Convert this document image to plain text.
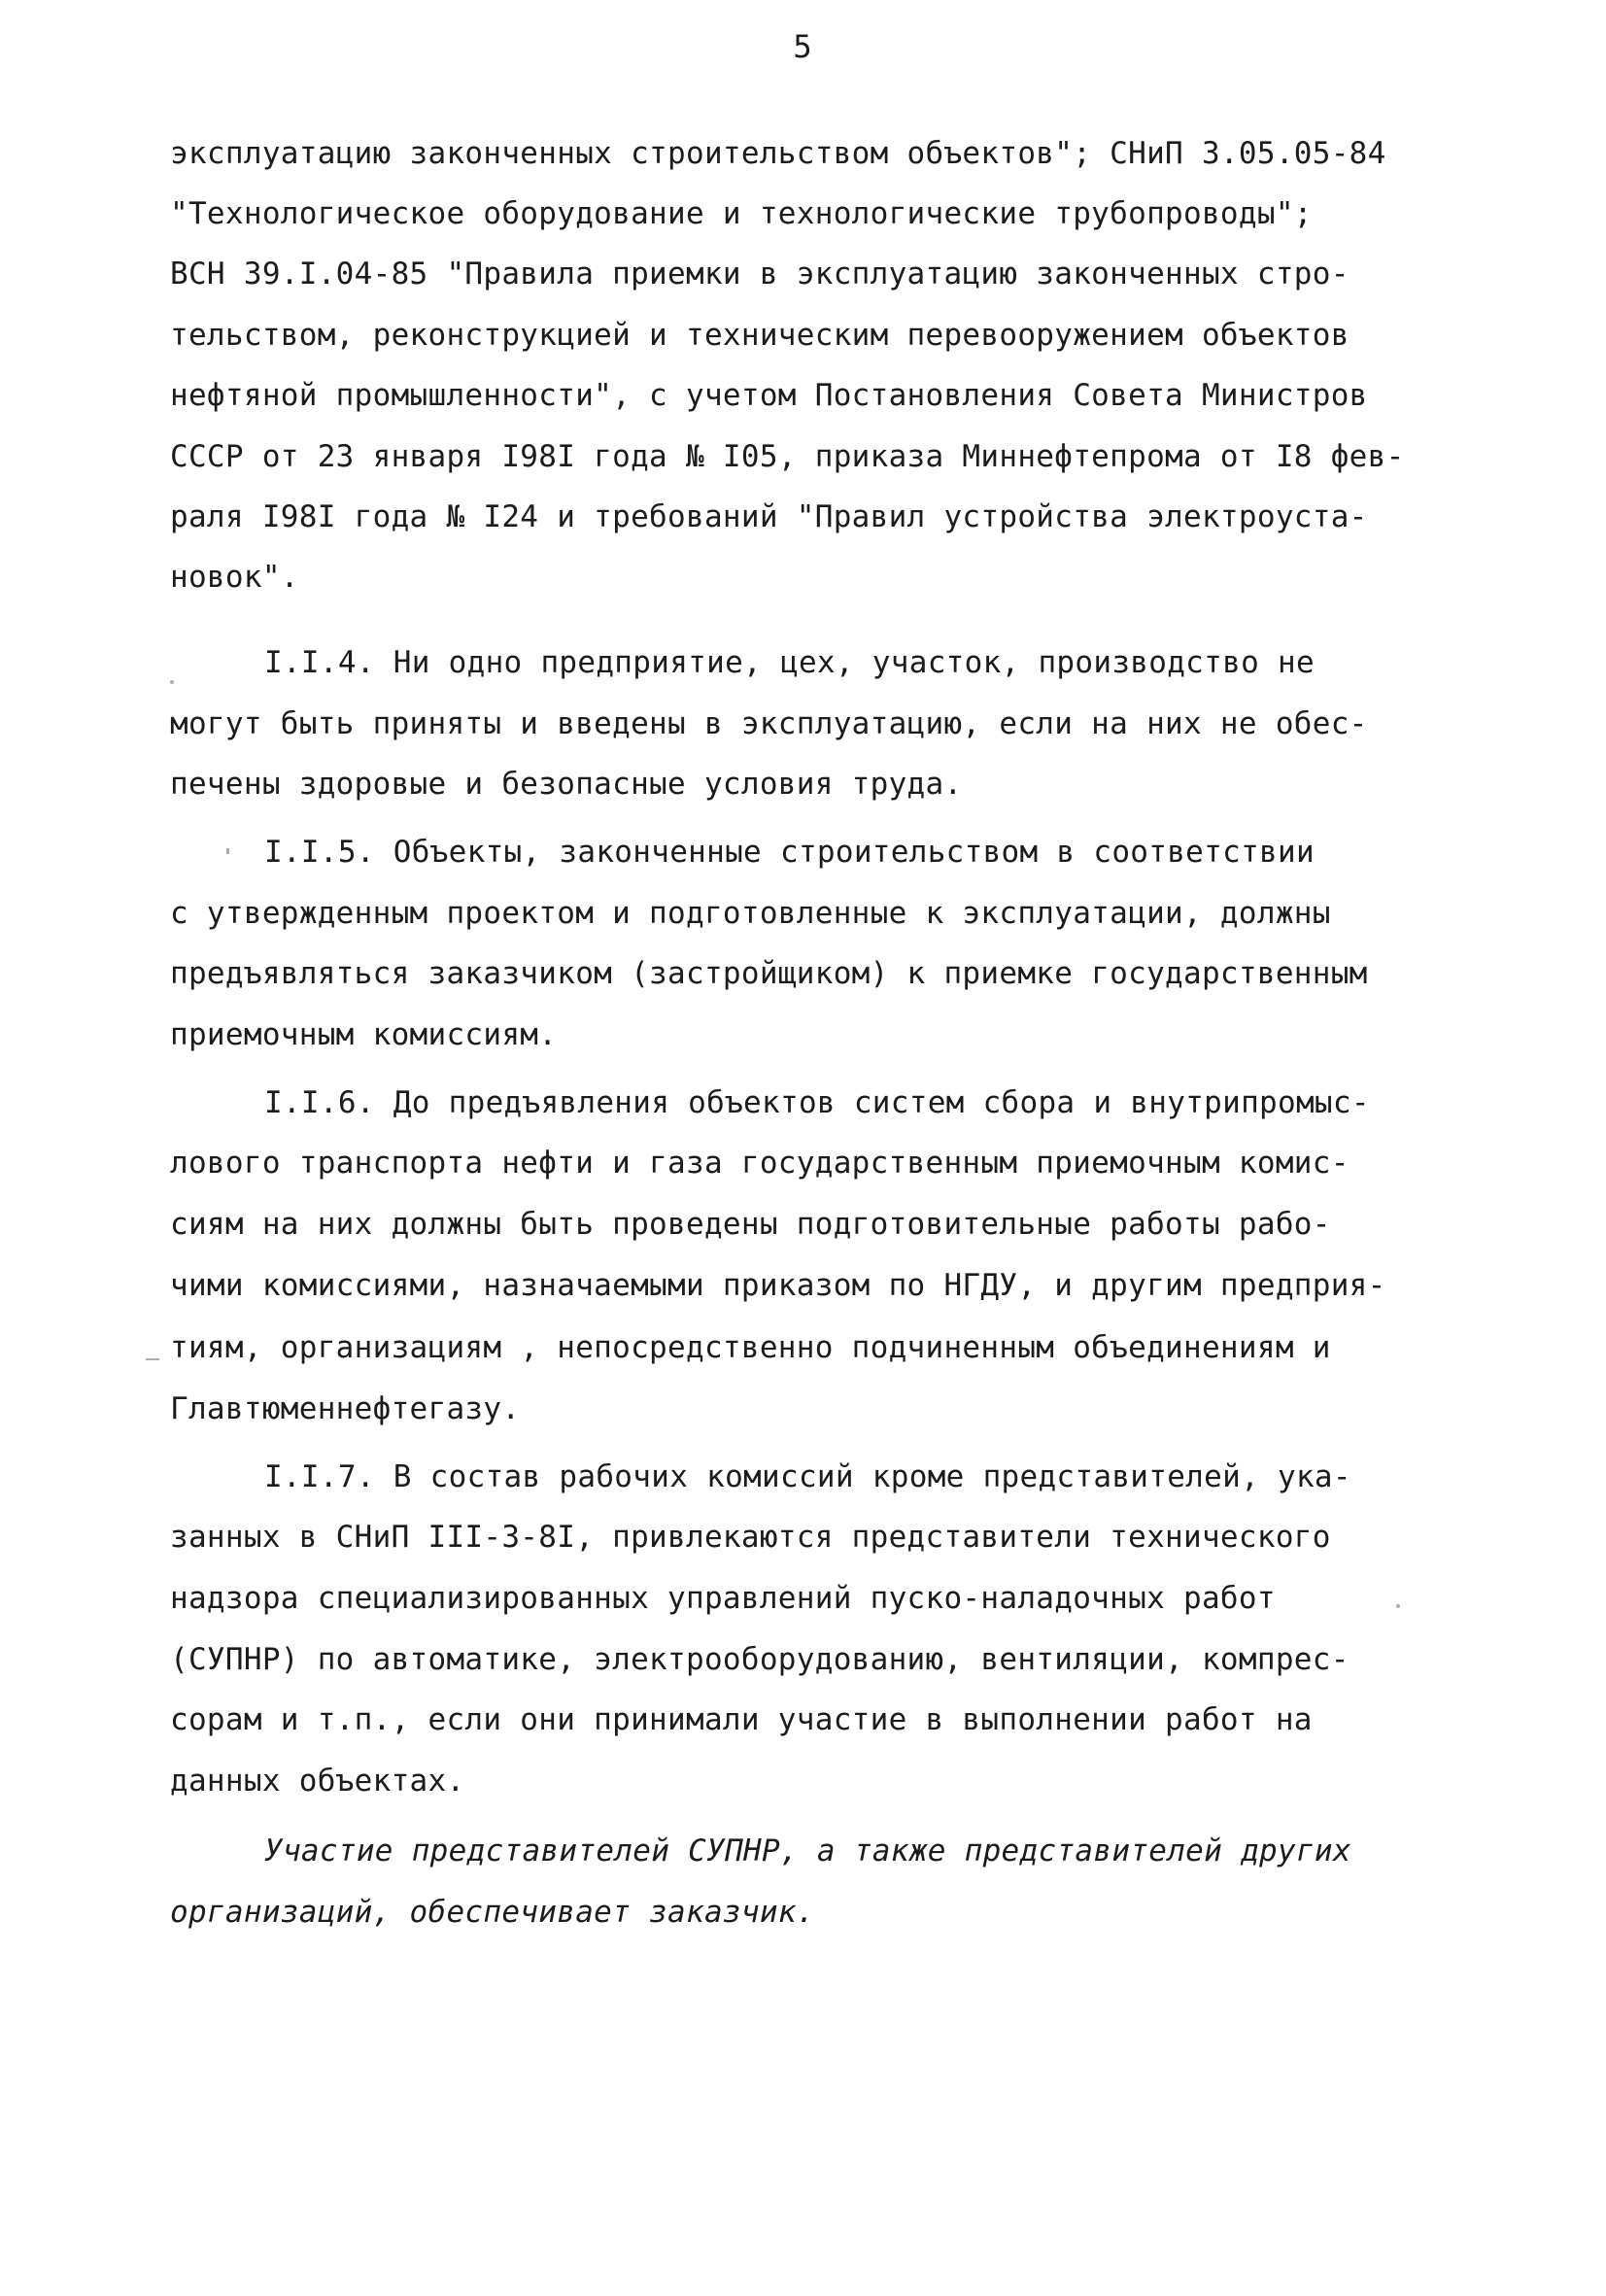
5
эксплуатацию законченных строительством объектов"; СНиП 3.05.05-84
"Технологическое оборудование и технологические трубопроводы";
ВСН 39.I.04-85 "Правила приемки в эксплуатацию законченных стро-
тельством, реконструкцией и техническим перевооружением объектов
нефтяной промышленности", с учетом Постановления Совета Министров
СССР от 23 января I98I года № I05, приказа Миннефтепрома от I8 фев-
раля I98I года № I24 и требований "Правил устройства электроуста-
новок".
I.I.4. Ни одно предприятие, цех, участок, производство не
могут быть приняты и введены в эксплуатацию, если на них не обес-
печены здоровые и безопасные условия труда.
I.I.5. Объекты, законченные строительством в соответствии
с утвержденным проектом и подготовленные к эксплуатации, должны
предъявляться заказчиком (застройщиком) к приемке государственным
приемочным комиссиям.
I.I.6. До предъявления объектов систем сбора и внутрипромыс-
лового транспорта нефти и газа государственным приемочным комис-
сиям на них должны быть проведены подготовительные работы рабо-
чими комиссиями, назначаемыми приказом по НГДУ, и другим предприя-
тиям, организациям , непосредственно подчиненным объединениям и
Главтюменнефтегазу.
I.I.7. В состав рабочих комиссий кроме представителей, ука-
занных в СНиП III-3-8I, привлекаются представители технического
надзора специализированных управлений пуско-наладочных работ
(СУПНР) по автоматике, электрооборудованию, вентиляции, компрес-
сорам и т.п., если они принимали участие в выполнении работ на
данных объектах.
Участие представителей СУПНР, а также представителей других
организаций, обеспечивает заказчик.
